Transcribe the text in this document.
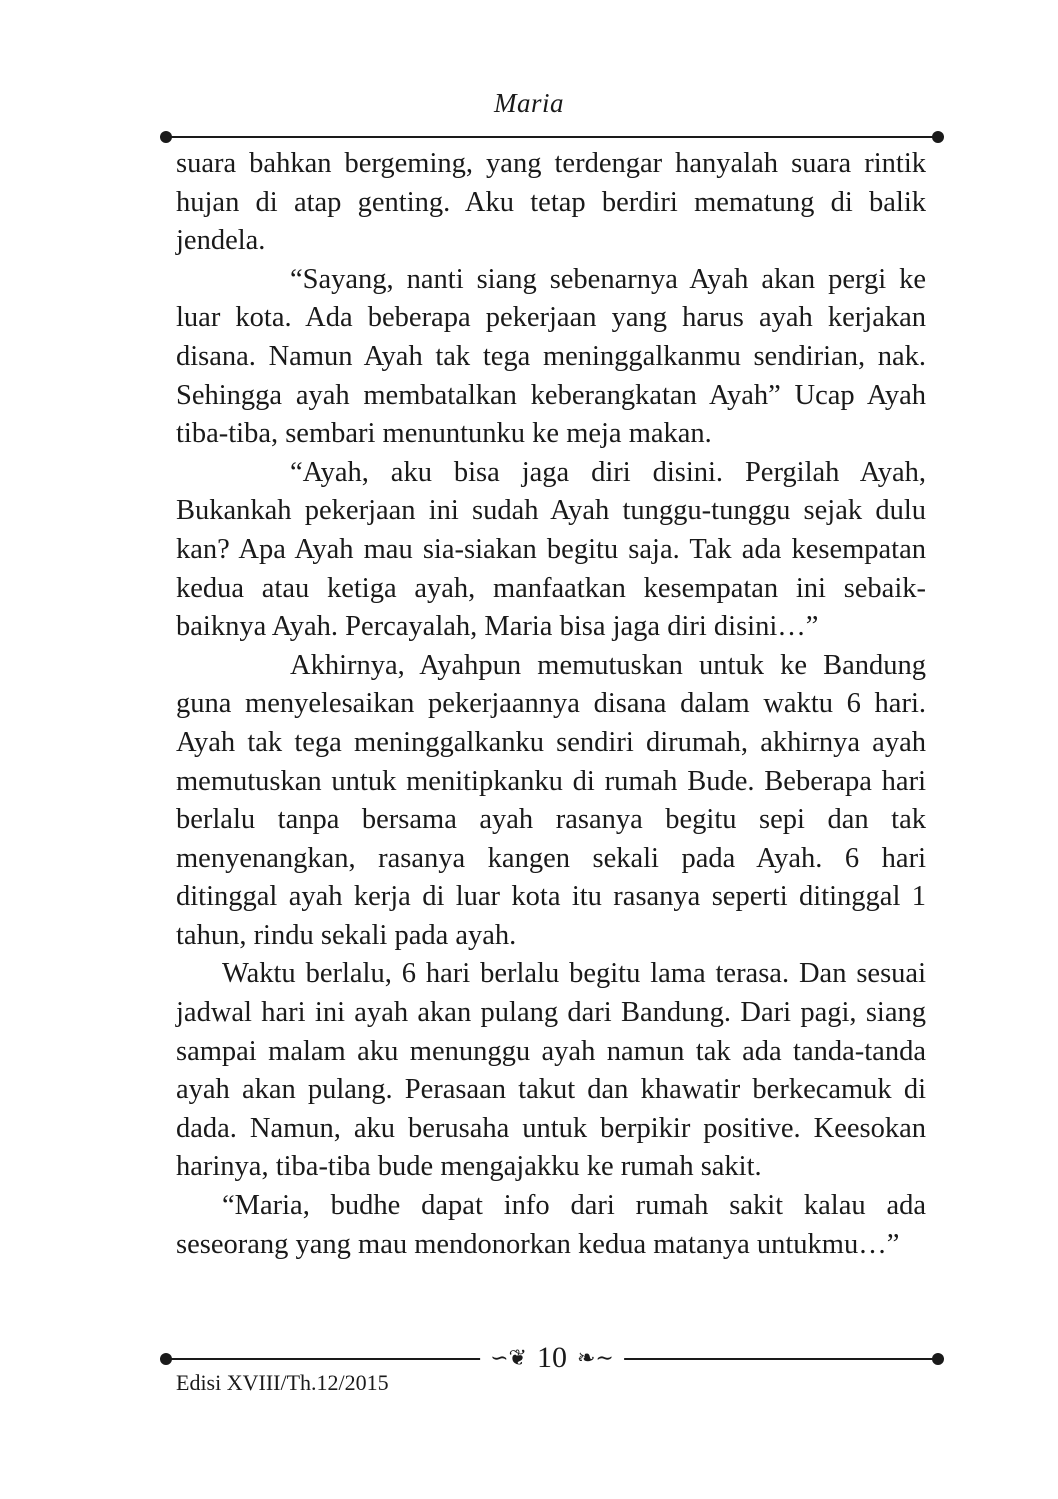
Maria

suara bahkan bergeming, yang terdengar hanyalah suara rintik hujan di atap genting. Aku tetap berdiri mematung di balik jendela.

“Sayang, nanti siang sebenarnya Ayah akan pergi ke luar kota. Ada beberapa pekerjaan yang harus ayah kerjakan disana. Namun Ayah tak tega meninggalkanmu sendirian, nak. Sehingga ayah membatalkan keberangkatan Ayah” Ucap Ayah tiba-tiba, sembari menuntunku ke meja makan.

“Ayah, aku bisa jaga diri disini. Pergilah Ayah, Bukankah pekerjaan ini sudah Ayah tunggu-tunggu sejak dulu kan? Apa Ayah mau sia-siakan begitu saja. Tak ada kesempatan kedua atau ketiga ayah, manfaatkan kesempatan ini sebaik-baiknya Ayah. Percayalah, Maria bisa jaga diri disini…”

Akhirnya, Ayahpun memutuskan untuk ke Bandung guna menyelesaikan pekerjaannya disana dalam waktu 6 hari. Ayah tak tega meninggalkanku sendiri dirumah, akhirnya ayah memutuskan untuk menitipkanku di rumah Bude. Beberapa hari berlalu tanpa bersama ayah rasanya begitu sepi dan tak menyenangkan, rasanya kangen sekali pada Ayah. 6 hari ditinggal ayah kerja di luar kota itu rasanya seperti ditinggal 1 tahun, rindu sekali pada ayah.

Waktu berlalu, 6 hari berlalu begitu lama terasa. Dan sesuai jadwal hari ini ayah akan pulang dari Bandung. Dari pagi, siang sampai malam aku menunggu ayah namun tak ada tanda-tanda ayah akan pulang. Perasaan takut dan khawatir berkecamuk di dada. Namun, aku berusaha untuk berpikir positive. Keesokan harinya, tiba-tiba bude mengajakku ke rumah sakit.

“Maria, budhe dapat info dari rumah sakit kalau ada seseorang yang mau mendonorkan kedua matanya untukmu…”

∽❦ 10 ❧∼
Edisi XVIII/Th.12/2015
